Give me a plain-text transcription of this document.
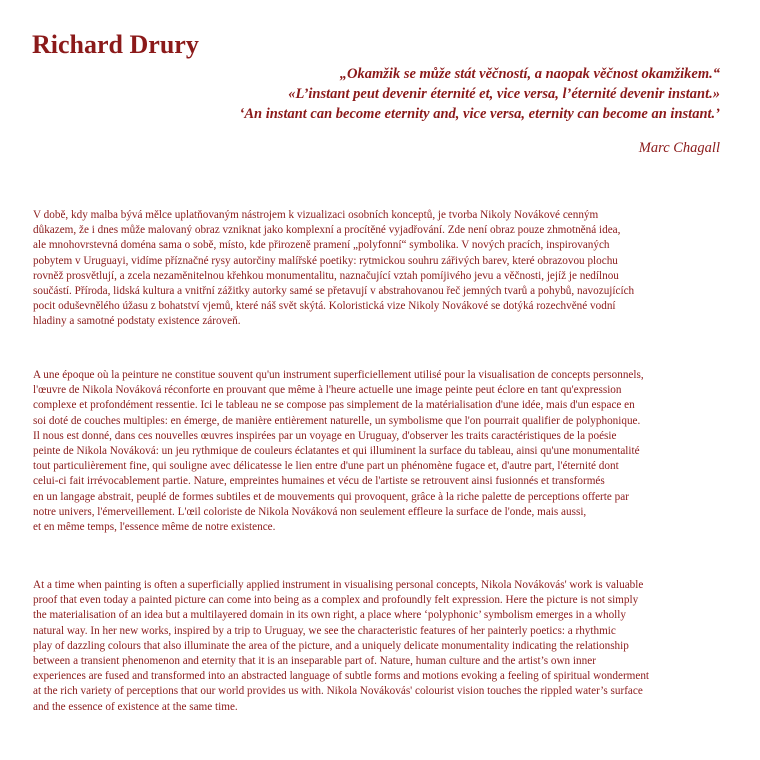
Richard Drury
„Okamžik se může stát věčností, a naopak věčnost okamžikem.“
«L’instant peut devenir éternité et, vice versa, l’éternité devenir instant.»
‘An instant can become eternity and, vice versa, eternity can become an instant.’
Marc Chagall
V době, kdy malba bývá mělce uplatňovaným nástrojem k vizualizaci osobních konceptů, je tvorba Nikoly Novákové cenným
důkazem, že i dnes může malovaný obraz vzniknat jako komplexní a procítěné vyjadřování. Zde není obraz pouze zhmotněná idea,
ale mnohovrstevná doména sama o sobě, místo, kde přirozeně pramení „polyfonní“ symbolika. V nových pracích, inspirovaných
pobytem v Uruguayi, vidíme příznačné rysy autorčiny malířské poetiky: rytmickou souhru zářivých barev, které obrazovou plochu
rovněž prosvětlují, a zcela nezaměnitelnou křehkou monumentalitu, naznačující vztah pomíjivého jevu a věčnosti, jejíž je nedílnou
součástí. Příroda, lidská kultura a vnitřní zážitky autorky samé se přetavují v abstrahovanou řeč jemných tvarů a pohybů, navozujících
pocit oduševnělého úžasu z bohatství vjemů, které náš svět skýtá. Koloristická vize Nikoly Novákové se dotýká rozechvěné vodní
hladiny a samotné podstaty existence zároveň.
A une époque où la peinture ne constitue souvent qu'un instrument superficiellement utilisé pour la visualisation de concepts personnels,
l'œuvre de Nikola Nováková réconforte en prouvant que même à l'heure actuelle une image peinte peut éclore en tant qu'expression
complexe et profondément ressentie. Ici le tableau ne se compose pas simplement de la matérialisation d'une idée, mais d'un espace en
soi doté de couches multiples: en émerge, de manière entièrement naturelle, un symbolisme que l'on pourrait qualifier de polyphonique.
Il nous est donné, dans ces nouvelles œuvres inspirées par un voyage en Uruguay, d'observer les traits caractéristiques de la poésie
peinte de Nikola Nováková: un jeu rythmique de couleurs éclatantes et qui illuminent la surface du tableau, ainsi qu'une monumentalité
tout particulièrement fine, qui souligne avec délicatesse le lien entre d'une part un phénomène fugace et, d'autre part, l'éternité dont
celui-ci fait irrévocablement partie. Nature, empreintes humaines et vécu de l'artiste se retrouvent ainsi fusionnés et transformés
en un langage abstrait, peuplé de formes subtiles et de mouvements qui provoquent, grâce à la riche palette de perceptions offerte par
notre univers, l'émerveillement. L'œil coloriste de Nikola Nováková non seulement effleure la surface de l'onde, mais aussi,
et en même temps, l'essence même de notre existence.
At a time when painting is often a superficially applied instrument in visualising personal concepts, Nikola Novákovás' work is valuable
proof that even today a painted picture can come into being as a complex and profoundly felt expression. Here the picture is not simply
the materialisation of an idea but a multilayered domain in its own right, a place where ‘polyphonic’ symbolism emerges in a wholly
natural way. In her new works, inspired by a trip to Uruguay, we see the characteristic features of her painterly poetics: a rhythmic
play of dazzling colours that also illuminate the area of the picture, and a uniquely delicate monumentality indicating the relationship
between a transient phenomenon and eternity that it is an inseparable part of. Nature, human culture and the artist’s own inner
experiences are fused and transformed into an abstracted language of subtle forms and motions evoking a feeling of spiritual wonderment
at the rich variety of perceptions that our world provides us with. Nikola Novákovás' colourist vision touches the rippled water’s surface
and the essence of existence at the same time.
